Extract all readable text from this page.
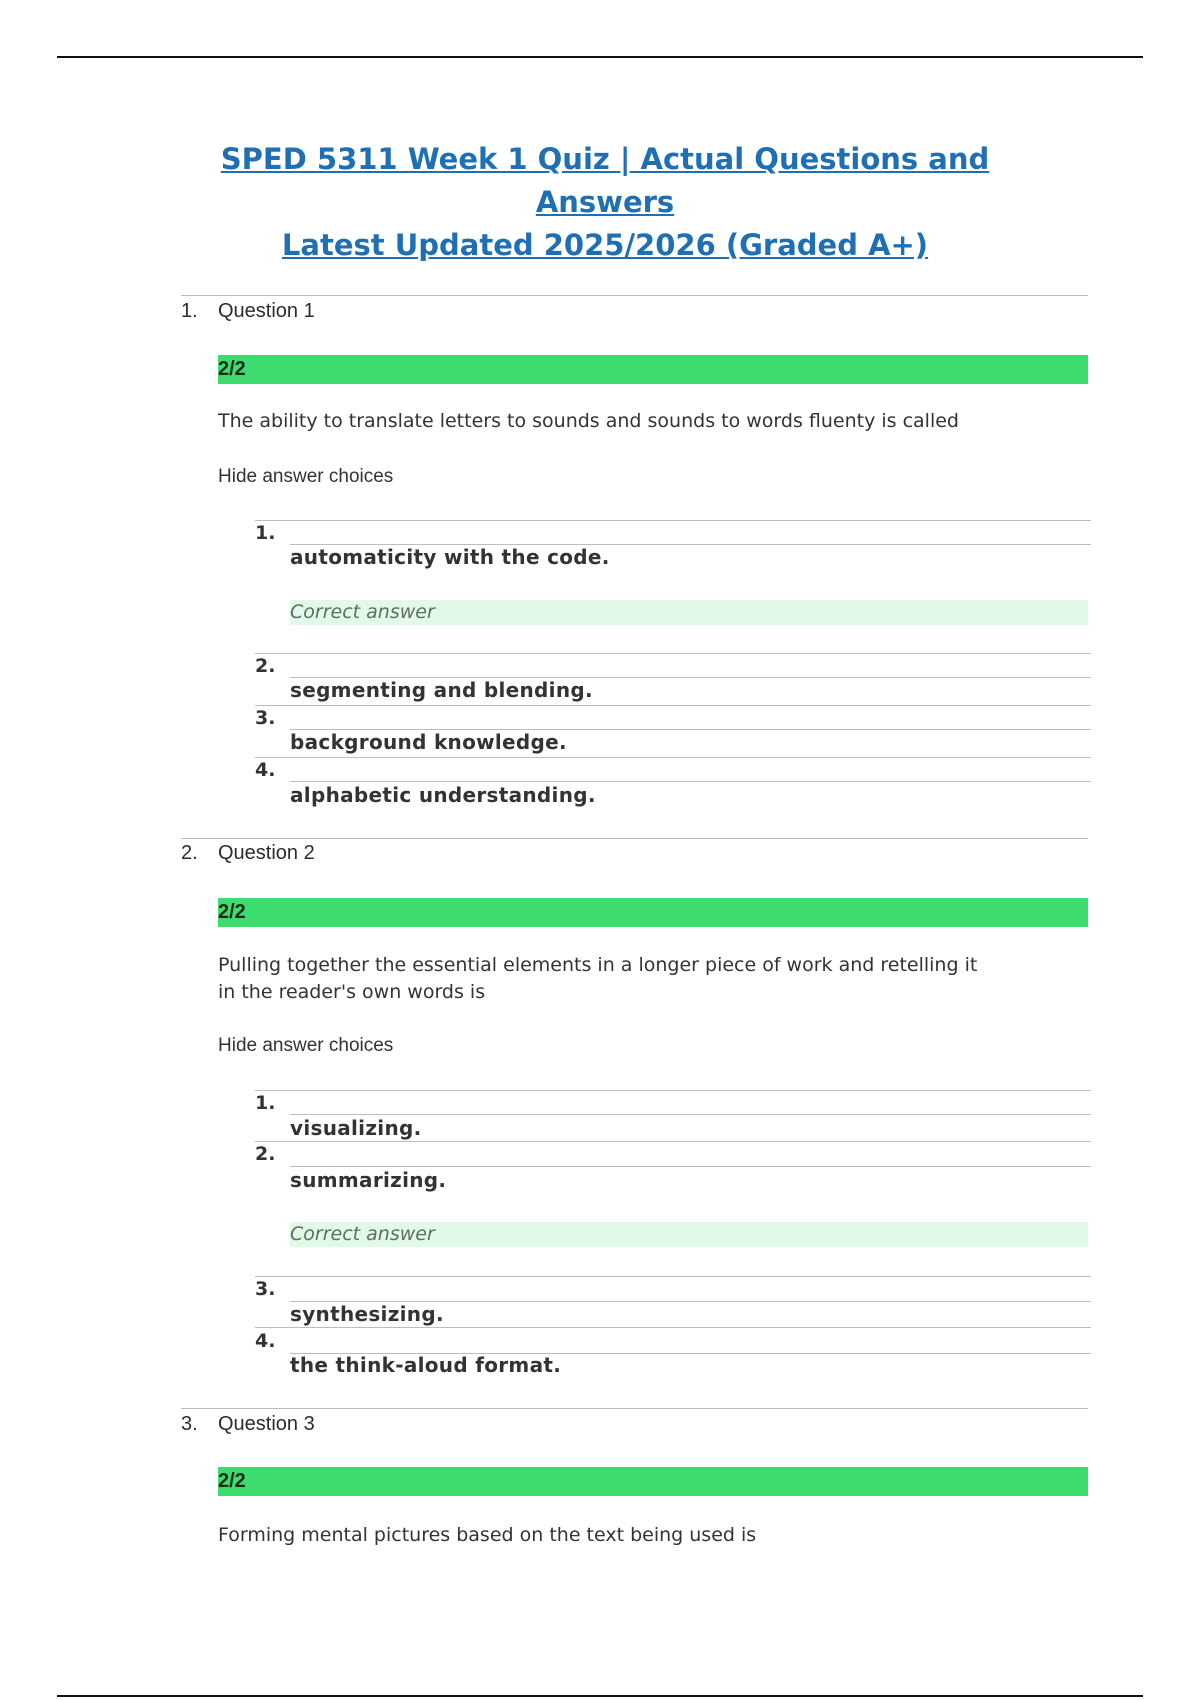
SPED 5311 Week 1 Quiz | Actual Questions and Answers
Latest Updated 2025/2026 (Graded A+)
1. Question 1
2/2

The ability to translate letters to sounds and sounds to words fluenty is called

Hide answer choices
1.
automaticity with the code.
Correct answer
2.
segmenting and blending.
3.
background knowledge.
4.
alphabetic understanding.
2. Question 2
2/2

Pulling together the essential elements in a longer piece of work and retelling it
in the reader's own words is

Hide answer choices
1.
visualizing.
2.
summarizing.
Correct answer
3.
synthesizing.
4.
the think-aloud format.
3. Question 3
2/2

Forming mental pictures based on the text being used is
